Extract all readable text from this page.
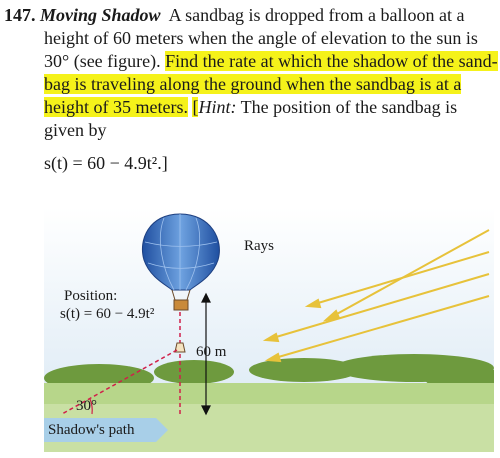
147. Moving Shadow A sandbag is dropped from a balloon at a
height of 60 meters when the angle of elevation to the sun is
30° (see figure). Find the rate at which the shadow of the sand-
bag is traveling along the ground when the sandbag is at a
height of 35 meters. [Hint: The position of the sandbag is
given by
s(t) = 60 − 4.9t².]
Rays
Position:
s(t) = 60 − 4.9t²
60 m
30°
Shadow's path
